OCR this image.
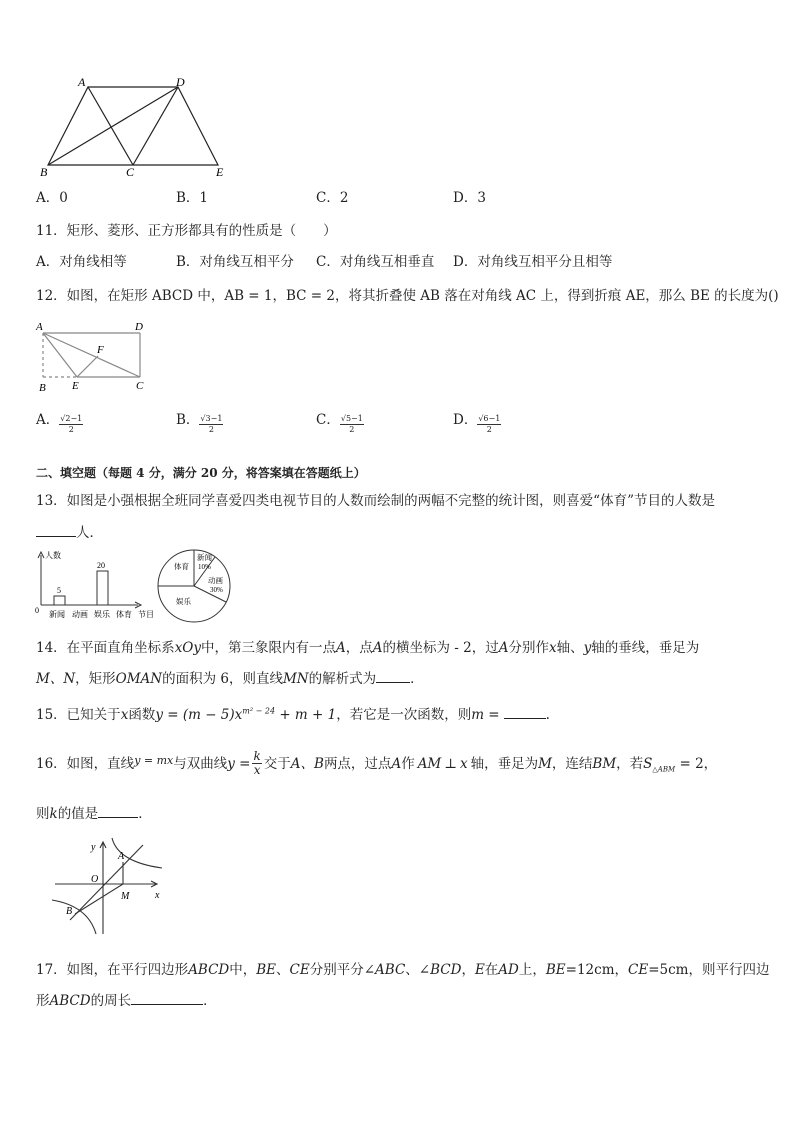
A	D
B	C	E
A．0	B．1	C．2	D．3
11．矩形、菱形、正方形都具有的性质是（　　）
A．对角线相等	B．对角线互相平分 C．对角线互相垂直 D．对角线互相平分且相等
12．如图，在矩形 ABCD 中，AB = 1，BC = 2，将其折叠使 AB 落在对角线 AC 上，得到折痕 AE，那么 BE 的长度为()
A	D
F
B E	C
A． $\frac{√2-1}{2}$	B． $\frac{√3-1}{2}$	C． $\frac{√5-1}{2}$	D． $\frac{√6-1}{2}$
二、填空题（每题 4 分，满分 20 分，将答案填在答题纸上）
13．如图是小强根据全班同学喜爱四类电视节目的人数而绘制的两幅不完整的统计图，则喜爱“体育”节目的人数是
人．
人数
0
5
20
新闻 动画 娱乐 体育 节目
新闻
10%
动画
30%
体育
娱乐
14．在平面直角坐标系xOy中，第三象限内有一点A，点A的横坐标为 - 2，过A分别作x轴、y轴的垂线，垂足为
M、N，矩形OMAN的面积为 6，则直线MN的解析式为	．
15．已知关于x函数$y = (m - 5)x^{m^2 - 24} + m + 1$，若它是一次函数，则m =	.
16．如图，直线$^{y = mx}$与双曲线$y = \frac{k}{x}$ 交于A、B两点，过点A作 AM ⊥ x 轴，垂足为M，连结BM，若$S_{\triangle ABM} = 2$，
则k的值是	．
y
A
O
M	x
B
17．如图，在平行四边形ABCD中，BE、CE分别平分∠ABC、∠BCD，E在AD上，BE=12cm，CE=5cm，则平行四边
形ABCD的周长	．
